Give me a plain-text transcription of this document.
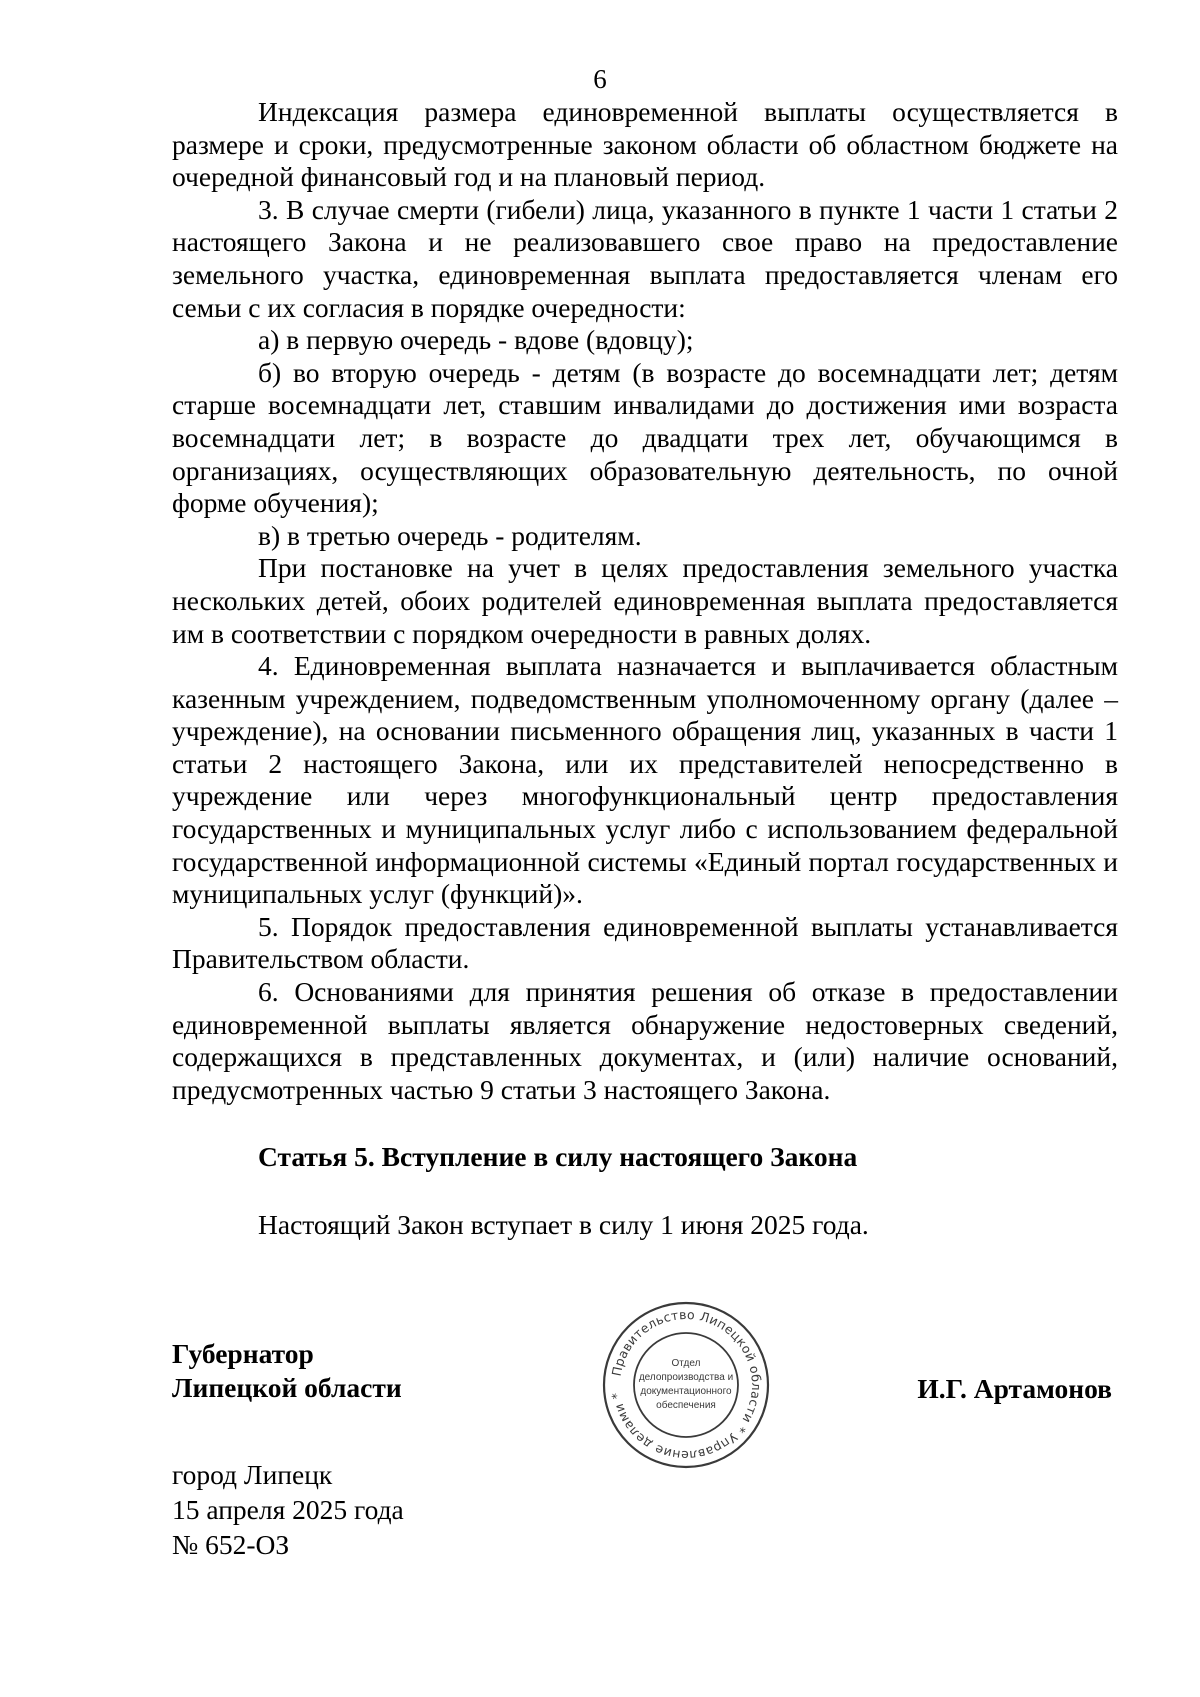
6

Индексация размера единовременной выплаты осуществляется в размере и сроки, предусмотренные законом области об областном бюджете на очередной финансовый год и на плановый период.

3. В случае смерти (гибели) лица, указанного в пункте 1 части 1 статьи 2 настоящего Закона и не реализовавшего свое право на предоставление земельного участка, единовременная выплата предоставляется членам его семьи с их согласия в порядке очередности:

а) в первую очередь - вдове (вдовцу);

б) во вторую очередь - детям (в возрасте до восемнадцати лет; детям старше восемнадцати лет, ставшим инвалидами до достижения ими возраста восемнадцати лет; в возрасте до двадцати трех лет, обучающимся в организациях, осуществляющих образовательную деятельность, по очной форме обучения);

в) в третью очередь - родителям.

При постановке на учет в целях предоставления земельного участка нескольких детей, обоих родителей единовременная выплата предоставляется им в соответствии с порядком очередности в равных долях.

4. Единовременная выплата назначается и выплачивается областным казенным учреждением, подведомственным уполномоченному органу (далее – учреждение), на основании письменного обращения лиц, указанных в части 1 статьи 2 настоящего Закона, или их представителей непосредственно в учреждение или через многофункциональный центр предоставления государственных и муниципальных услуг либо с использованием федеральной государственной информационной системы «Единый портал государственных и муниципальных услуг (функций)».

5. Порядок предоставления единовременной выплаты устанавливается Правительством области.

6. Основаниями для принятия решения об отказе в предоставлении единовременной выплаты является обнаружение недостоверных сведений, содержащихся в представленных документах, и (или) наличие оснований, предусмотренных частью 9 статьи 3 настоящего Закона.

Статья 5. Вступление в силу настоящего Закона
Настоящий Закон вступает в силу 1 июня 2025 года.
Губернатор
Липецкой области
Правительство Липецкой области * Управление делами *
Отдел
делопроизводства и
документационного
обеспечения
И.Г. Артамонов
город Липецк
15 апреля 2025 года
№ 652-ОЗ
